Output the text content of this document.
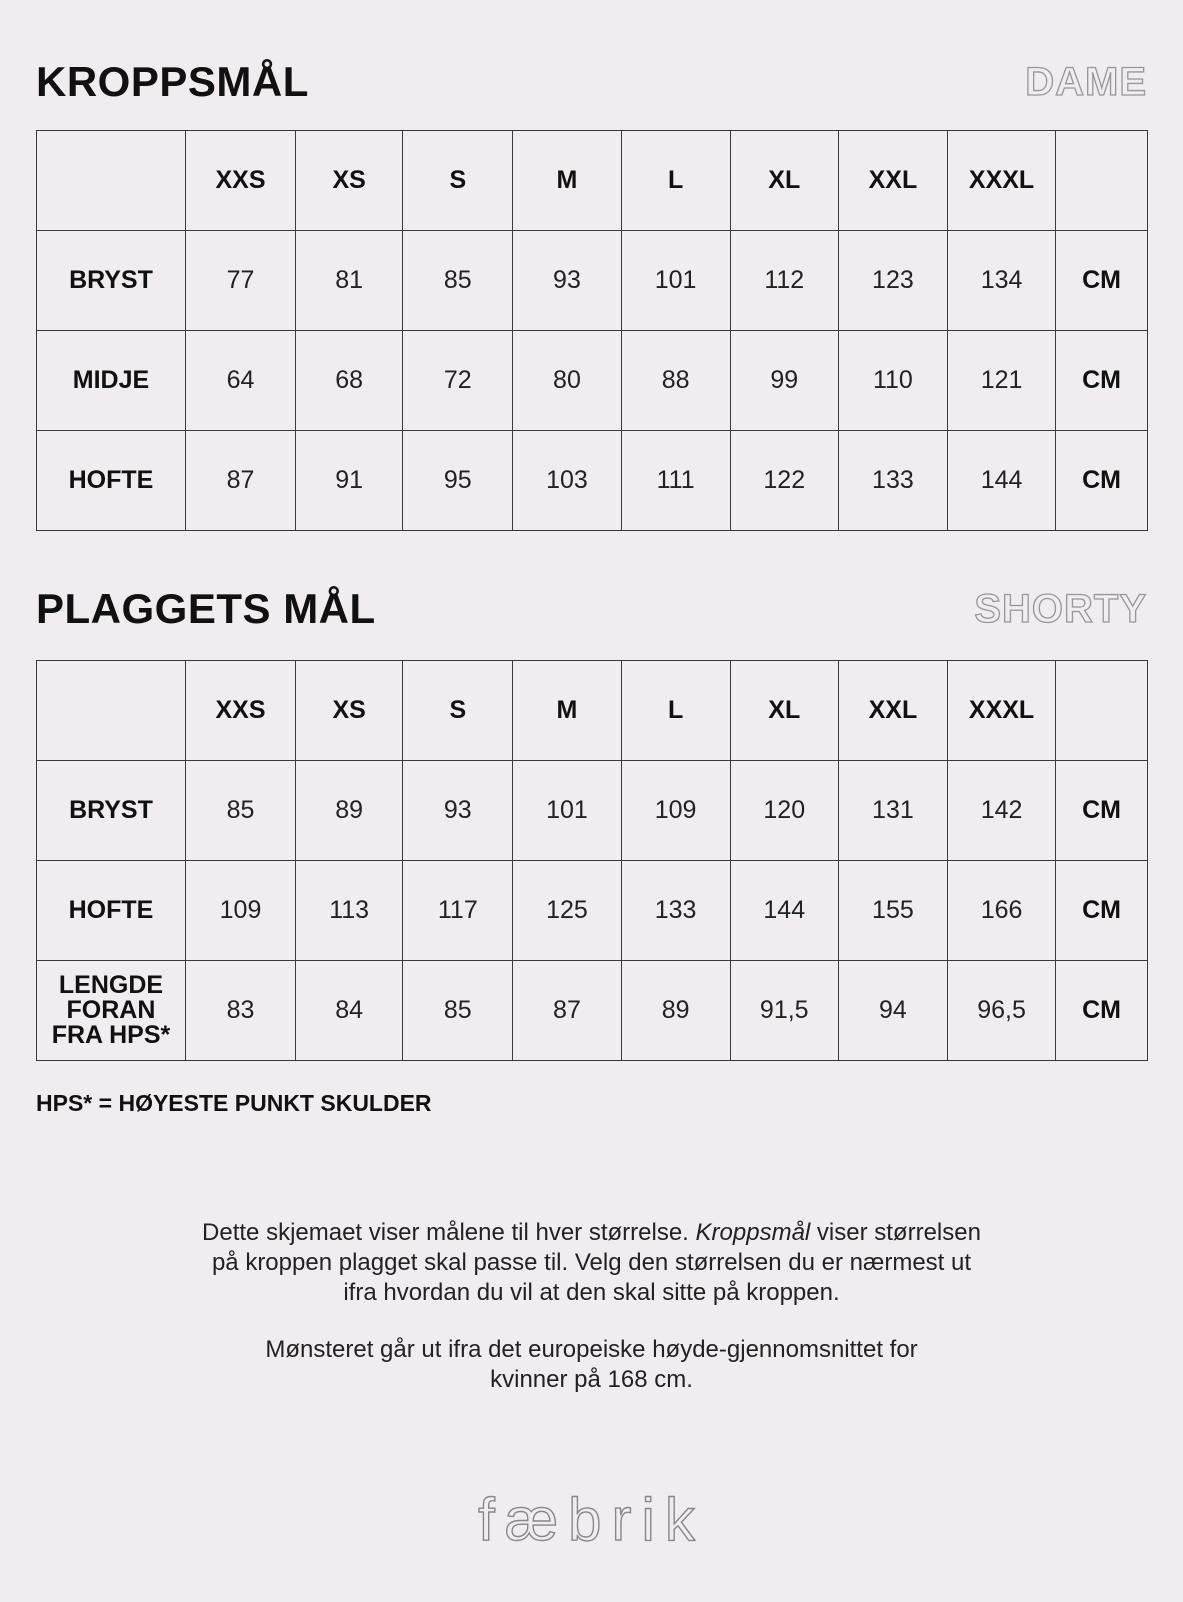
KROPPSMÅL	DAME
	XXS	XS	S	M	L	XL	XXL	XXXL	
BRYST	77	81	85	93	101	112	123	134	CM
MIDJE	64	68	72	80	88	99	110	121	CM
HOFTE	87	91	95	103	111	122	133	144	CM
PLAGGETS MÅL	SHORTY
	XXS	XS	S	M	L	XL	XXL	XXXL	
BRYST	85	89	93	101	109	120	131	142	CM
HOFTE	109	113	117	125	133	144	155	166	CM

LENGDE
FORAN
FRA HPS*	83	84	85	87	89	91,5	94	96,5	CM
HPS* = HØYESTE PUNKT SKULDER
Dette skjemaet viser målene til hver størrelse. Kroppsmål viser størrelsen på kroppen plagget skal passe til. Velg den størrelsen du er nærmest ut ifra hvordan du vil at den skal sitte på kroppen.
Mønsteret går ut ifra det europeiske høyde-gjennomsnittet for kvinner på 168 cm.
fæbrik
